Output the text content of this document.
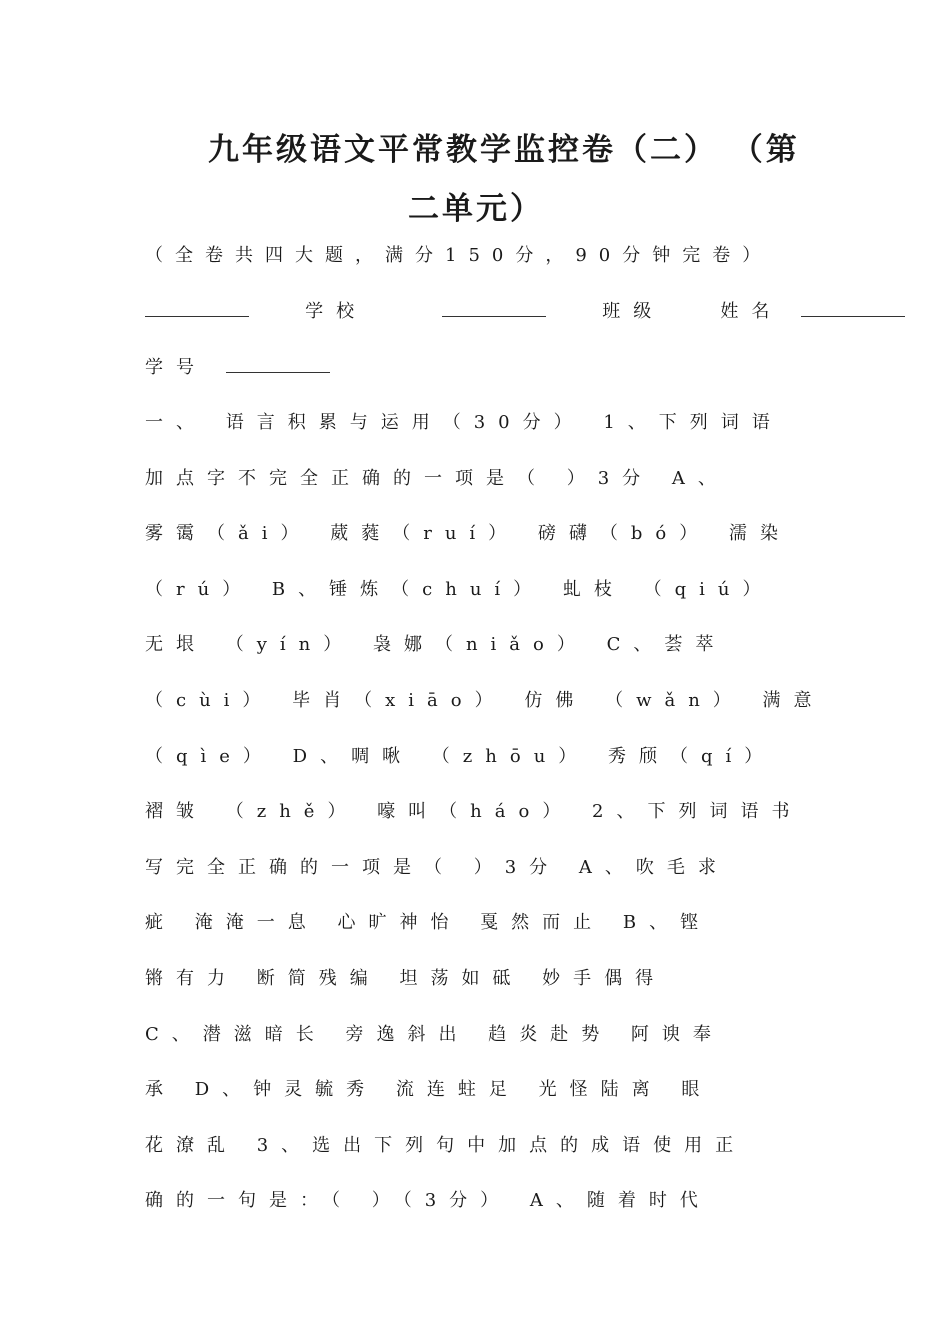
九年级语文平常教学监控卷（二） （第
二单元）
（全卷共四大题，满分150分，90分钟完卷）
学校	班级	姓名
学号
一、 语言积累与运用（30分） 1、下列词语
加点字不完全正确的一项是（ ）3分 A、
雾霭（ǎi） 葳蕤（ruí） 磅礴（bó） 濡染
（rú） B、锤炼（chuí） 虬枝 （qiú）
无垠 （yín） 袅娜（niǎo） C、荟萃
（cùi） 毕肖（xiāo） 仿佛 （wǎn） 满意
（qìe） D、啁啾 （zhōu） 秀颀（qí）
褶皱 （zhě） 嚎叫（háo） 2、下列词语书
写完全正确的一项是（ ）3分 A、吹毛求
疵 淹淹一息 心旷神怡 戛然而止 B、铿
锵有力 断简残编 坦荡如砥 妙手偶得
C、潜滋暗长 旁逸斜出 趋炎赴势 阿谀奉
承 D、钟灵毓秀 流连蛀足 光怪陆离 眼
花潦乱 3、选出下列句中加点的成语使用正
确的一句是：（ ）（3分） A、随着时代
